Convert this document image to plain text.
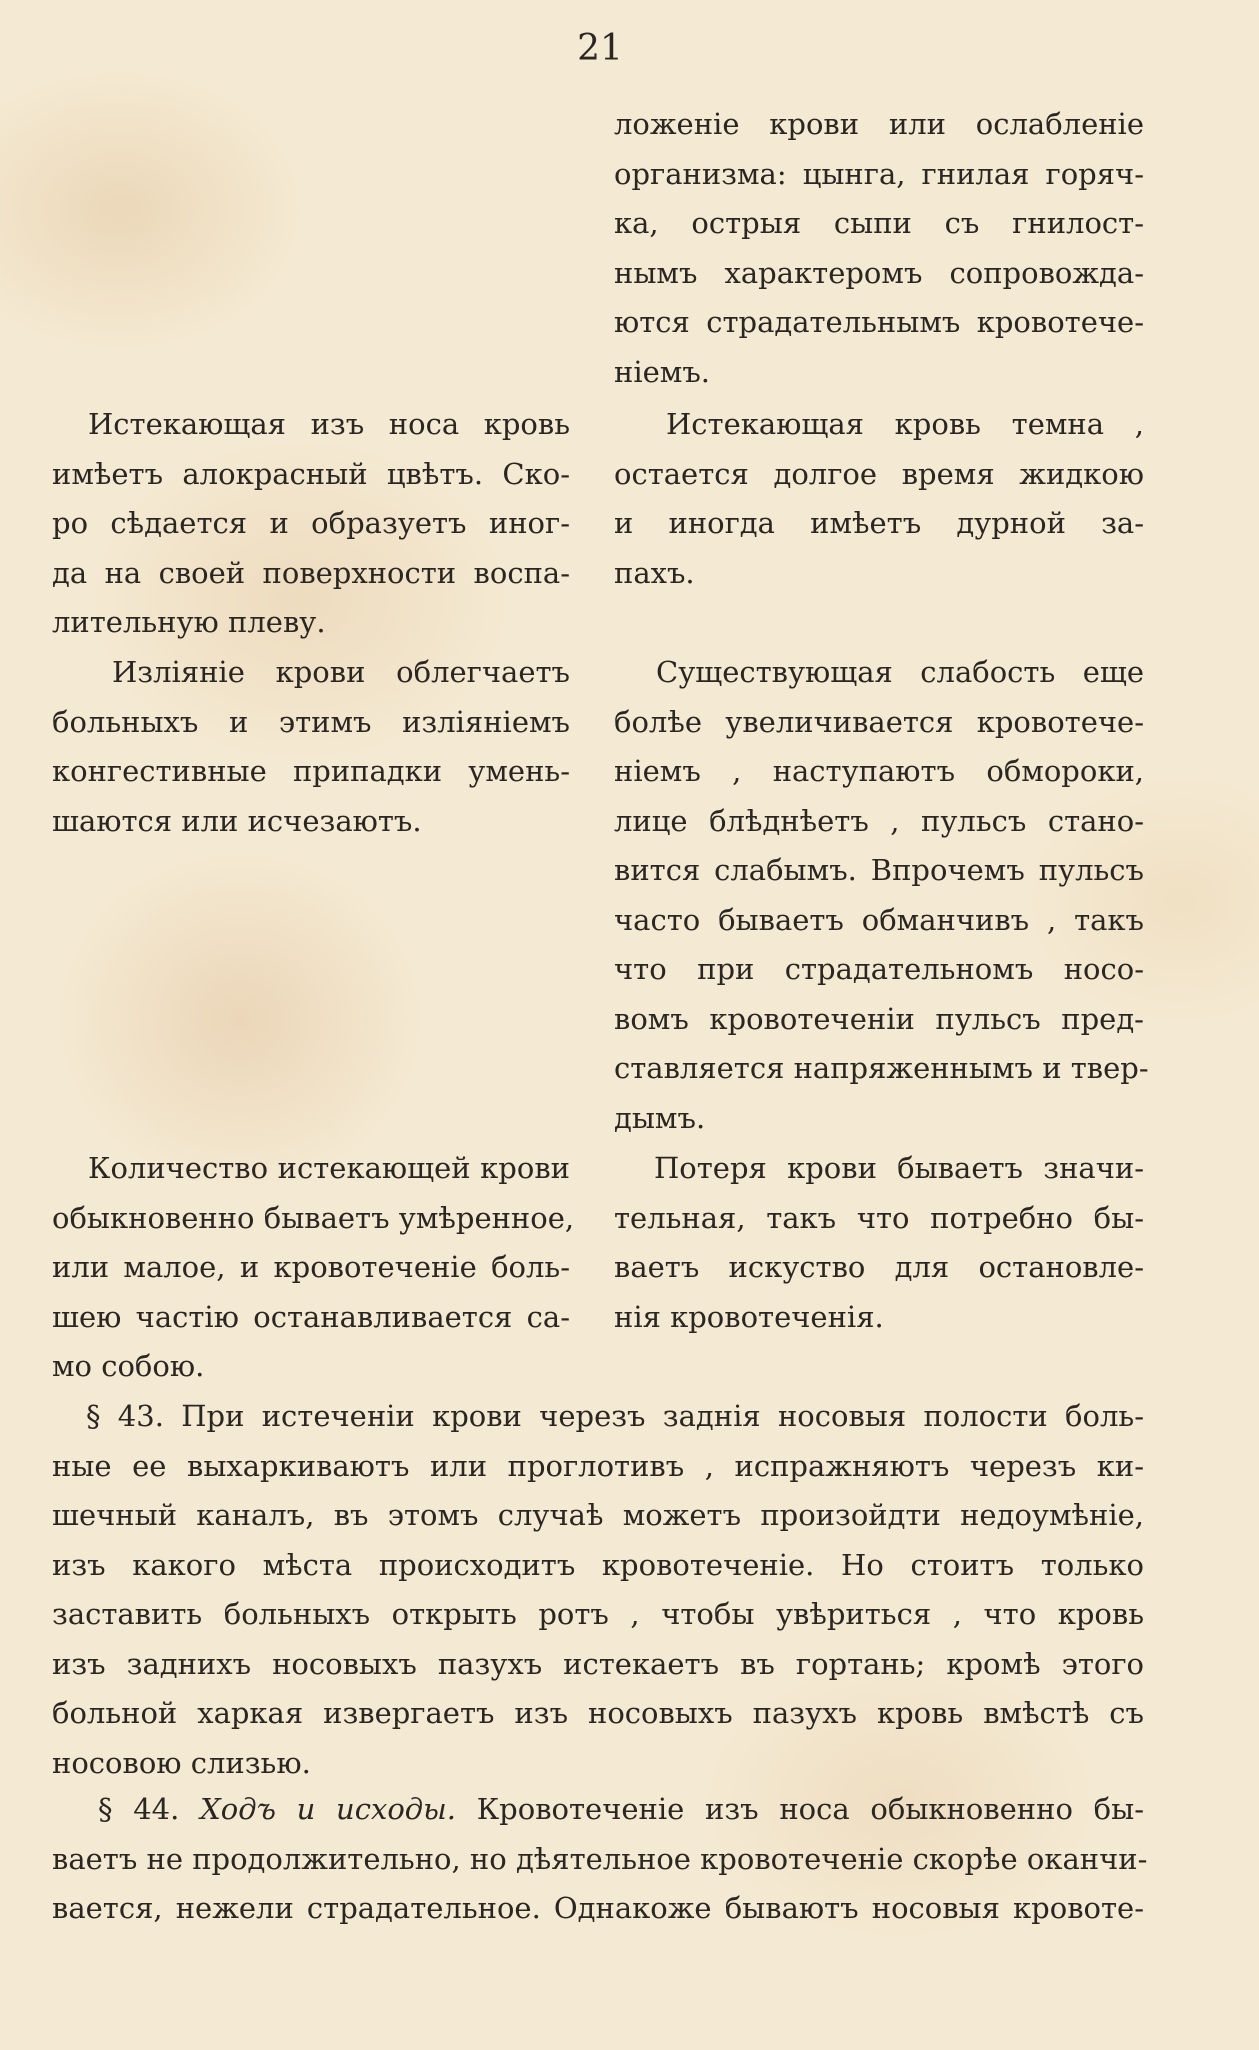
21
ложеніе крови или ослабленіе
организма: цынга, гнилая горяч-
ка, острыя сыпи съ гнилост-
нымъ характеромъ сопровожда-
ются страдательнымъ кровотече-
ніемъ.
Истекающая кровь темна ,
остается долгое время жидкою
и иногда имѣетъ дурной за-
пахъ.
Существующая слабость еще
болѣе увеличивается кровотече-
ніемъ , наступаютъ обмороки,
лице блѣднѣетъ , пульсъ стано-
вится слабымъ. Впрочемъ пульсъ
часто бываетъ обманчивъ , такъ
что при страдательномъ носо-
вомъ кровотеченіи пульсъ пред-
ставляется напряженнымъ и твер-
дымъ.
Потеря крови бываетъ значи-
тельная, такъ что потребно бы-
ваетъ искуство для остановле-
нія кровотеченія.
Истекающая изъ носа кровь
имѣетъ алокрасный цвѣтъ. Ско-
ро сѣдается и образуетъ иног-
да на своей поверхности воспа-
лительную плеву.
Изліяніе крови облегчаетъ
больныхъ и этимъ изліяніемъ
конгестивные припадки умень-
шаются или исчезаютъ.
Количество истекающей крови
обыкновенно бываетъ умѣренное,
или малое, и кровотеченіе боль-
шею частію останавливается са-
мо собою.
§ 43. При истеченіи крови черезъ заднія носовыя полости боль-
ные ее выхаркиваютъ или проглотивъ , испражняютъ черезъ ки-
шечный каналъ, въ этомъ случаѣ можетъ произойдти недоумѣніе,
изъ какого мѣста происходитъ кровотеченіе. Но стоитъ только
заставить больныхъ открыть ротъ , чтобы увѣриться , что кровь
изъ заднихъ носовыхъ пазухъ истекаетъ въ гортань; кромѣ этого
больной харкая извергаетъ изъ носовыхъ пазухъ кровь вмѣстѣ съ
носовою слизью.
§ 44. Ходъ и исходы. Кровотеченіе изъ носа обыкновенно бы-
ваетъ не продолжительно, но дѣятельное кровотеченіе скорѣе оканчи-
вается, нежели страдательное. Однакоже бываютъ носовыя кровоте-
